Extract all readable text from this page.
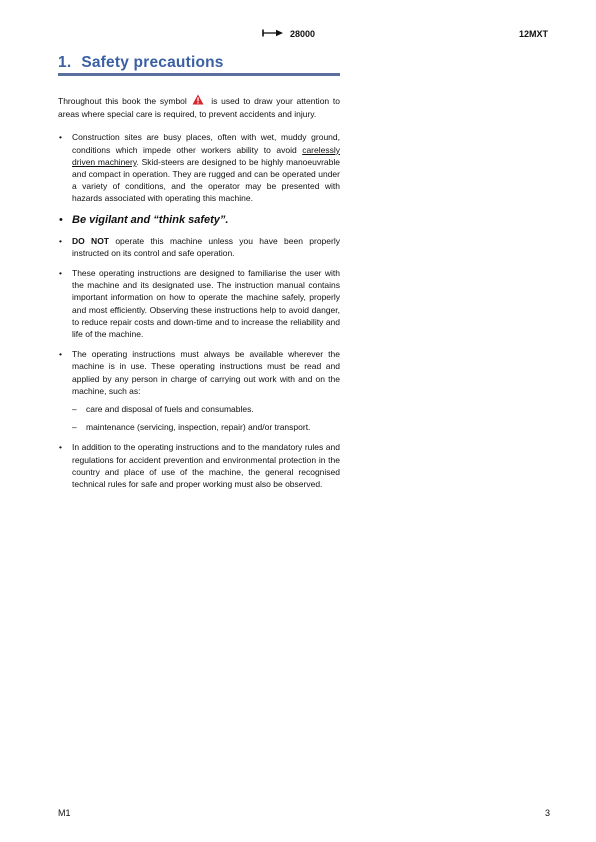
28000	12MXT
1. Safety precautions

Throughout this book the symbol	is used to draw your attention to areas where special care is required, to prevent accidents and injury.

• Construction sites are busy places, often with wet, muddy ground, conditions which impede other workers ability to avoid carelessly driven machinery. Skid-steers are designed to be highly manoeuvrable and compact in operation. They are rugged and can be operated under a variety of conditions, and the operator may be presented with hazards associated with operating this machine.
• Be vigilant and “think safety”.
• DO NOT operate this machine unless you have been properly instructed on its control and safe operation.
• These operating instructions are designed to familiarise the user with the machine and its designated use. The instruction manual contains important information on how to operate the machine safely, properly and most efficiently. Observing these instructions help to avoid danger, to reduce repair costs and down-time and to increase the reliability and life of the machine.
• The operating instructions must always be available wherever the machine is in use. These operating instructions must be read and applied by any person in charge of carrying out work with and on the machine, such as:
– care and disposal of fuels and consumables.
– maintenance (servicing, inspection, repair) and/or transport.
• In addition to the operating instructions and to the mandatory rules and regulations for accident prevention and environmental protection in the country and place of use of the machine, the general recognised technical rules for safe and proper working must also be observed.
M1	3
